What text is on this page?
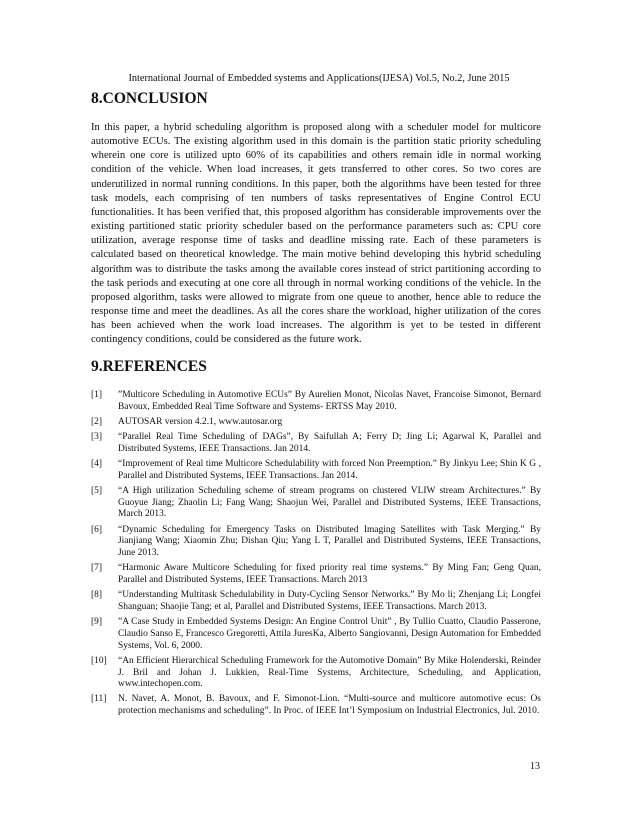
International Journal of Embedded systems and Applications(IJESA) Vol.5, No.2, June 2015
8.CONCLUSION

In this paper, a hybrid scheduling algorithm is proposed along with a scheduler model for multicore automotive ECUs. The existing algorithm used in this domain is the partition static priority scheduling wherein one core is utilized upto 60% of its capabilities and others remain idle in normal working condition of the vehicle. When load increases, it gets transferred to other cores. So two cores are underutilized in normal running conditions. In this paper, both the algorithms have been tested for three task models, each comprising of ten numbers of tasks representatives of Engine Control ECU functionalities. It has been verified that, this proposed algorithm has considerable improvements over the existing partitioned static priority scheduler based on the performance parameters such as: CPU core utilization, average response time of tasks and deadline missing rate. Each of these parameters is calculated based on theoretical knowledge. The main motive behind developing this hybrid scheduling algorithm was to distribute the tasks among the available cores instead of strict partitioning according to the task periods and executing at one core all through in normal working conditions of the vehicle. In the proposed algorithm, tasks were allowed to migrate from one queue to another, hence able to reduce the response time and meet the deadlines. As all the cores share the workload, higher utilization of the cores has been achieved when the work load increases. The algorithm is yet to be tested in different contingency conditions, could be considered as the future work.

9.REFERENCES
[1]	”Multicore Scheduling in Automotive ECUs” By Aurelien Monot, Nicolas Navet, Francoise Simonot, Bernard Bavoux, Embedded Real Time Software and Systems- ERTSS May 2010.
[2]	AUTOSAR version 4.2.1, www.autosar.org
[3]	“Parallel Real Time Scheduling of DAGs”, By Saifullah A; Ferry D; Jing Li; Agarwal K, Parallel and Distributed Systems, IEEE Transactions. Jan 2014.
[4]	“Improvement of Real time Multicore Schedulability with forced Non Preemption.” By Jinkyu Lee; Shin K G , Parallel and Distributed Systems, IEEE Transactions. Jan 2014.
[5]	“A High utilization Scheduling scheme of stream programs on clustered VLIW stream Architectures.” By Guoyue Jiang; Zhaolin Li; Fang Wang; Shaojun Wei, Parallel and Distributed Systems, IEEE Transactions, March 2013.
[6]	“Dynamic Scheduling for Emergency Tasks on Distributed Imaging Satellites with Task Merging.” By Jianjiang Wang; Xiaomin Zhu; Dishan Qiu; Yang L T, Parallel and Distributed Systems, IEEE Transactions, June 2013.
[7]	“Harmonic Aware Multicore Scheduling for fixed priority real time systems.” By Ming Fan; Geng Quan, Parallel and Distributed Systems, IEEE Transactions. March 2013
[8]	“Understanding Multitask Schedulability in Duty-Cycling Sensor Networks.” By Mo li; Zhenjang Li; Longfei Shanguan; Shaojie Tang; et al, Parallel and Distributed Systems, IEEE Transactions. March 2013.
[9]	”A Case Study in Embedded Systems Design: An Engine Control Unit” , By Tullio Cuatto, Claudio Passerone, Claudio Sanso E, Francesco Gregoretti, Attila JuresKa, Alberto Sangiovanni, Design Automation for Embedded Systems, Vol. 6, 2000.
[10]	“An Efficient Hierarchical Scheduling Framework for the Automotive Domain” By Mike Holenderski, Reinder J. Bril and Johan J. Lukkien, Real-Time Systems, Architecture, Scheduling, and Application, www.intechopen.com.
[11]	N. Navet, A. Monot, B. Bavoux, and F. Simonot-Lion. “Multi-source and multicore automotive ecus: Os protection mechanisms and scheduling”. In Proc. of IEEE Int’l Symposium on Industrial Electronics, Jul. 2010.
13
